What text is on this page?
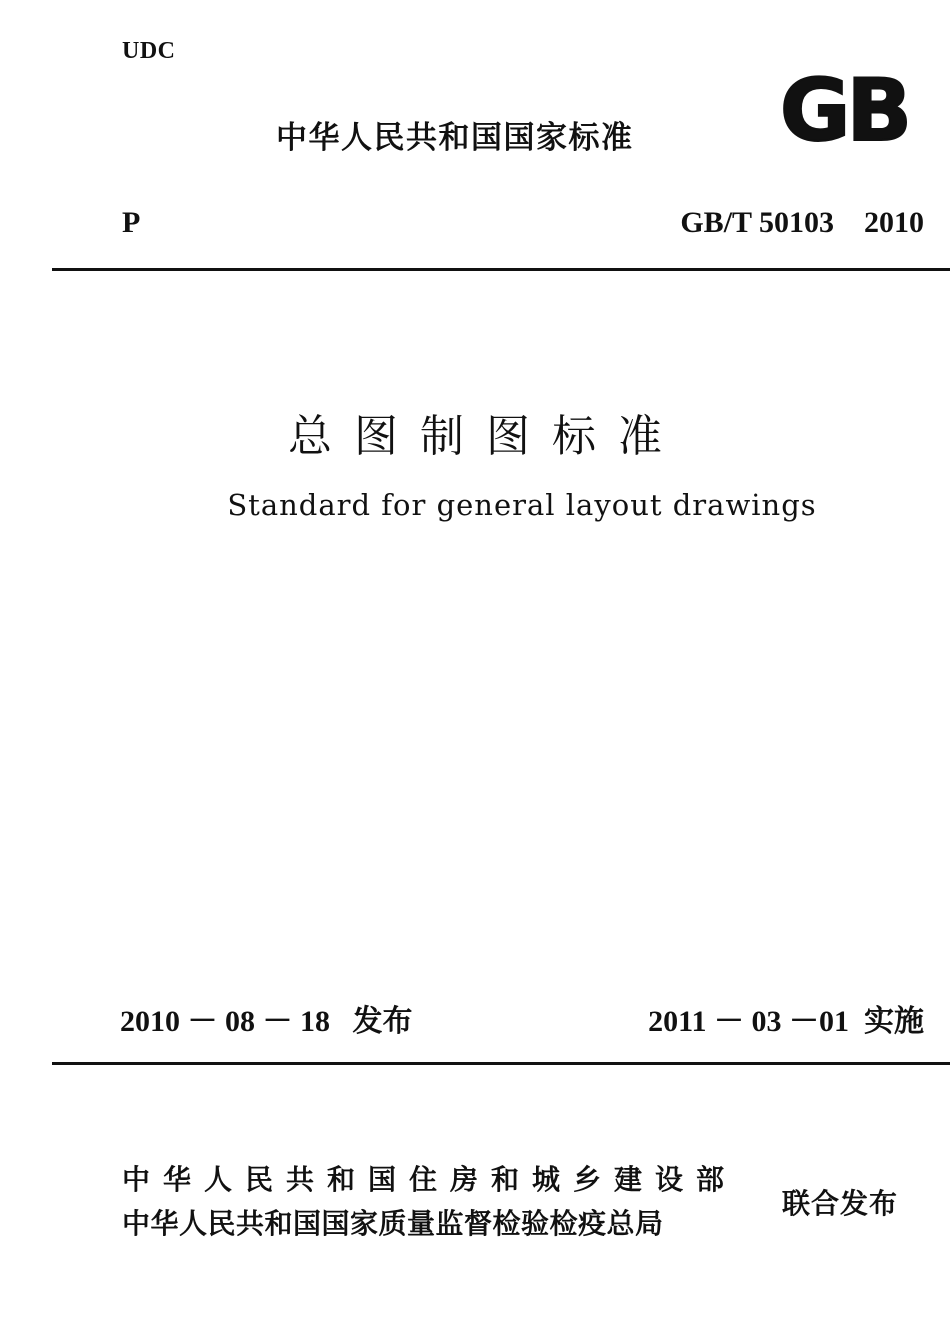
UDC
中华人民共和国国家标准 GB
P	GB/T 50103    2010
总图制图标准
Standard for general layout drawings
2010 － 08 － 18 发布	2011 － 03 －01 实施
中华人民共和国住房和城乡建设部
中华人民共和国国家质量监督检验检疫总局
联合发布
